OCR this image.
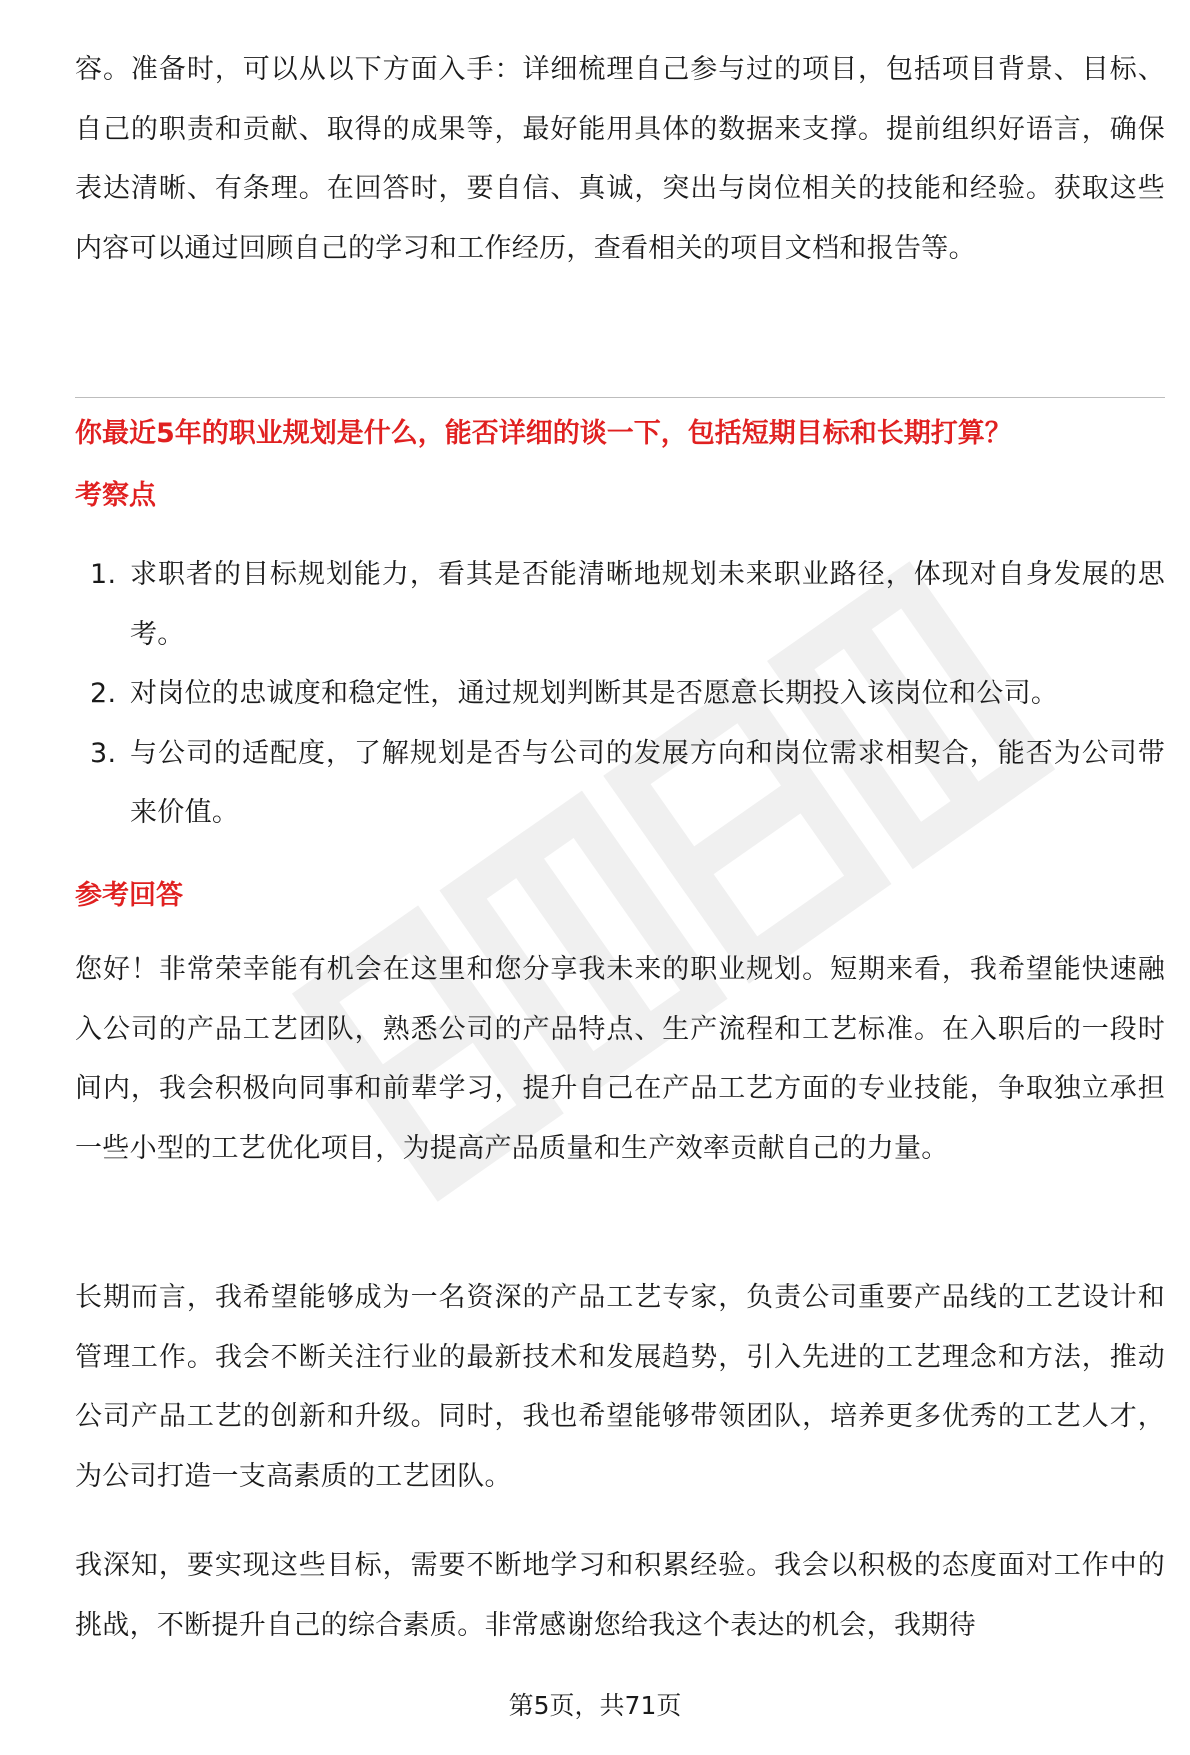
容。准备时，可以从以下方面入手：详细梳理自己参与过的项目，包括项目背景、目标、自己的职责和贡献、取得的成果等，最好能用具体的数据来支撑。提前组织好语言，确保表达清晰、有条理。在回答时，要自信、真诚，突出与岗位相关的技能和经验。获取这些内容可以通过回顾自己的学习和工作经历，查看相关的项目文档和报告等。

你最近5年的职业规划是什么，能否详细的谈一下，包括短期目标和长期打算？
考察点
1. 求职者的目标规划能力，看其是否能清晰地规划未来职业路径，体现对自身发展的思考。
2. 对岗位的忠诚度和稳定性，通过规划判断其是否愿意长期投入该岗位和公司。
3. 与公司的适配度，了解规划是否与公司的发展方向和岗位需求相契合，能否为公司带来价值。
参考回答

您好！非常荣幸能有机会在这里和您分享我未来的职业规划。短期来看，我希望能快速融入公司的产品工艺团队，熟悉公司的产品特点、生产流程和工艺标准。在入职后的一段时间内，我会积极向同事和前辈学习，提升自己在产品工艺方面的专业技能，争取独立承担一些小型的工艺优化项目，为提高产品质量和生产效率贡献自己的力量。

长期而言，我希望能够成为一名资深的产品工艺专家，负责公司重要产品线的工艺设计和管理工作。我会不断关注行业的最新技术和发展趋势，引入先进的工艺理念和方法，推动公司产品工艺的创新和升级。同时，我也希望能够带领团队，培养更多优秀的工艺人才，为公司打造一支高素质的工艺团队。

我深知，要实现这些目标，需要不断地学习和积累经验。我会以积极的态度面对工作中的挑战，不断提升自己的综合素质。非常感谢您给我这个表达的机会，我期待

第5页，共71页
